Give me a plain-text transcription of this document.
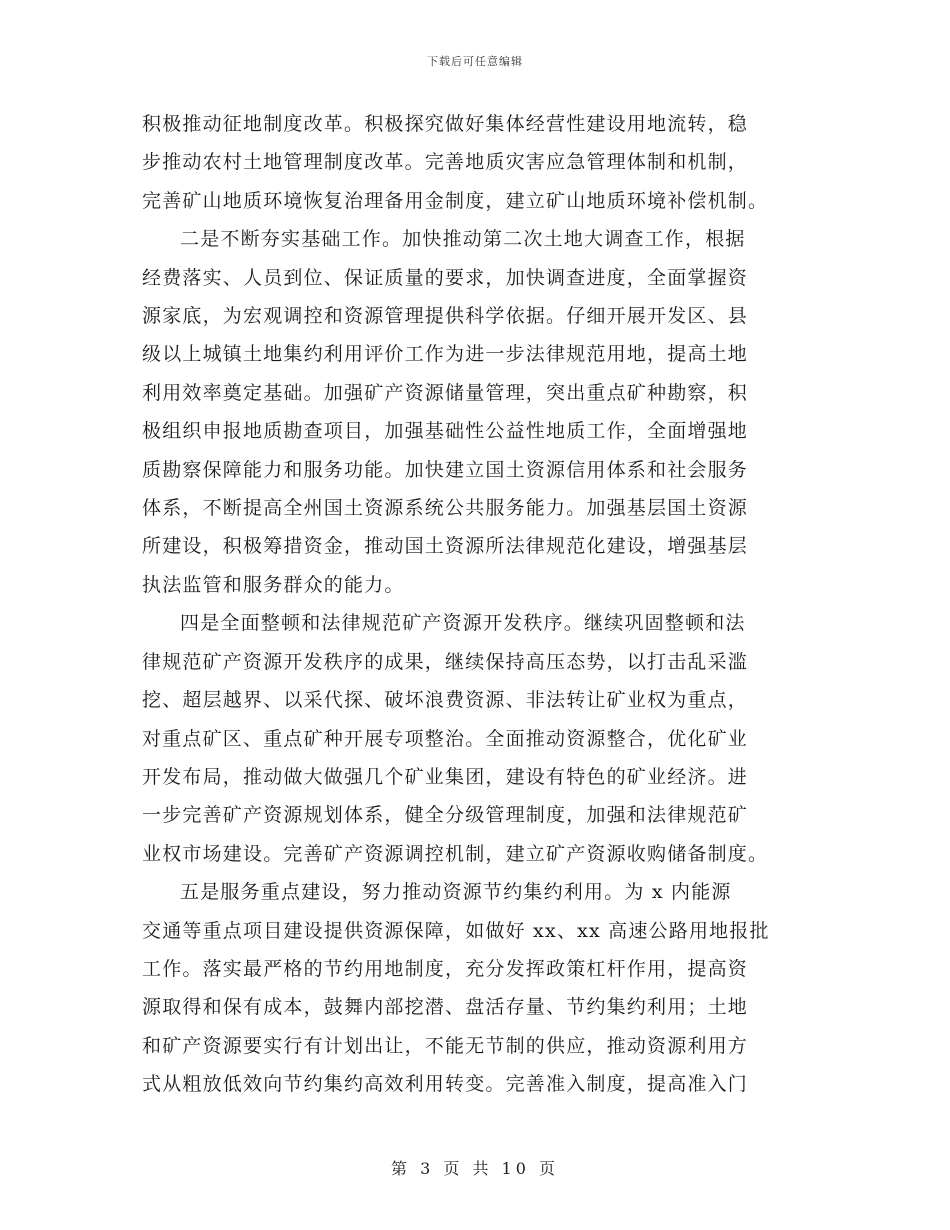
下载后可任意编辑
积极推动征地制度改革。积极探究做好集体经营性建设用地流转，稳
步推动农村土地管理制度改革。完善地质灾害应急管理体制和机制，
完善矿山地质环境恢复治理备用金制度，建立矿山地质环境补偿机制。
二是不断夯实基础工作。加快推动第二次土地大调查工作，根据
经费落实、人员到位、保证质量的要求，加快调查进度，全面掌握资
源家底，为宏观调控和资源管理提供科学依据。仔细开展开发区、县
级以上城镇土地集约利用评价工作为进一步法律规范用地，提高土地
利用效率奠定基础。加强矿产资源储量管理，突出重点矿种勘察，积
极组织申报地质勘查项目，加强基础性公益性地质工作，全面增强地
质勘察保障能力和服务功能。加快建立国土资源信用体系和社会服务
体系，不断提高全州国土资源系统公共服务能力。加强基层国土资源
所建设，积极筹措资金，推动国土资源所法律规范化建设，增强基层
执法监管和服务群众的能力。
四是全面整顿和法律规范矿产资源开发秩序。继续巩固整顿和法
律规范矿产资源开发秩序的成果，继续保持高压态势，以打击乱采滥
挖、超层越界、以采代探、破坏浪费资源、非法转让矿业权为重点，
对重点矿区、重点矿种开展专项整治。全面推动资源整合，优化矿业
开发布局，推动做大做强几个矿业集团，建设有特色的矿业经济。进
一步完善矿产资源规划体系，健全分级管理制度，加强和法律规范矿
业权市场建设。完善矿产资源调控机制，建立矿产资源收购储备制度。
五是服务重点建设，努力推动资源节约集约利用。为 x 内能源
交通等重点项目建设提供资源保障，如做好 xx、xx 高速公路用地报批
工作。落实最严格的节约用地制度，充分发挥政策杠杆作用，提高资
源取得和保有成本，鼓舞内部挖潜、盘活存量、节约集约利用；土地
和矿产资源要实行有计划出让，不能无节制的供应，推动资源利用方
式从粗放低效向节约集约高效利用转变。完善准入制度，提高准入门
第 3 页 共 10 页
